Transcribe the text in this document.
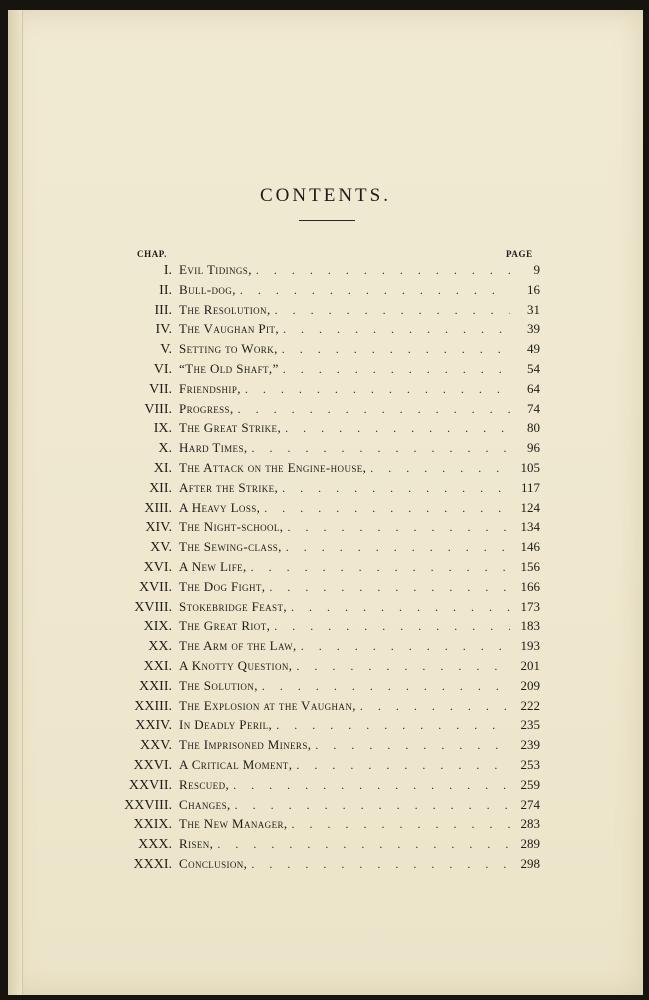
CONTENTS.
CHAP.	PAGE
I. Evil Tidings, . . .	9
II. Bull-dog, . . .	16
III. The Resolution, . . .	31
IV. The Vaughan Pit, . . .	39
V. Setting to Work, . . .	49
VI. “The Old Shaft,” . . .	54
VII. Friendship, . . .	64
VIII. Progress, . . .	74
IX. The Great Strike, . . .	80
X. Hard Times, . . .	96
XI. The Attack on the Engine-house, . . .	105
XII. After the Strike, . . .	117
XIII. A Heavy Loss, . . .	124
XIV. The Night-school, . . .	134
XV. The Sewing-class, . . .	146
XVI. A New Life, . . .	156
XVII. The Dog Fight, . . .	166
XVIII. Stokebridge Feast, . . .	173
XIX. The Great Riot, . . .	183
XX. The Arm of the Law, . . .	193
XXI. A Knotty Question, . . .	201
XXII. The Solution, . . .	209
XXIII. The Explosion at the Vaughan, . . .	222
XXIV. In Deadly Peril, . . .	235
XXV. The Imprisoned Miners, . . .	239
XXVI. A Critical Moment, . . .	253
XXVII. Rescued, . . .	259
XXVIII. Changes, . . .	274
XXIX. The New Manager, . . .	283
XXX. Risen, . . .	289
XXXI. Conclusion, . . .	298
